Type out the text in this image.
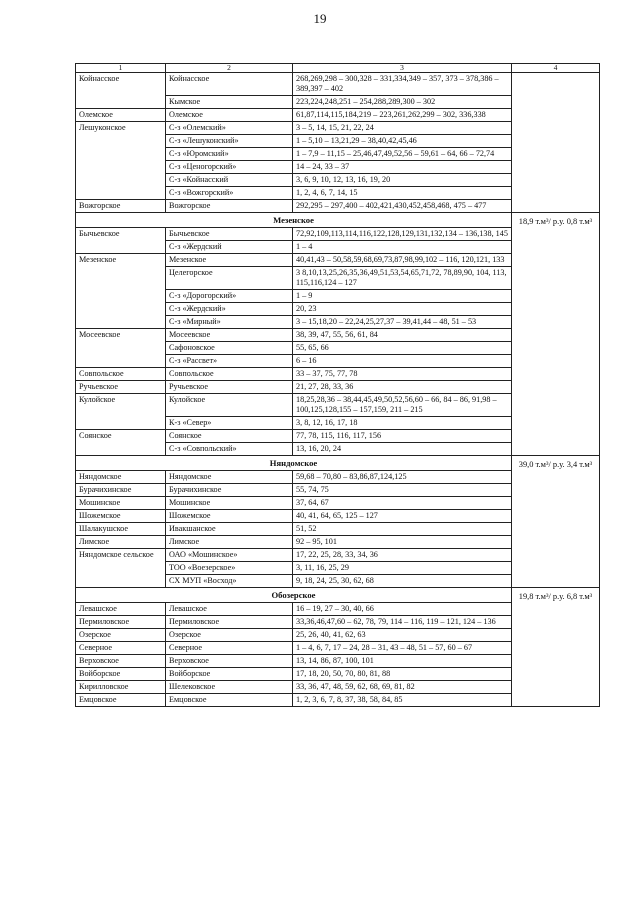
19
1	2	3	4
Койнасское	Койнасское	268,269,298 – 300,328 – 331,334,349 – 357, 373 – 378,386 – 389,397 – 402	
	Кымское	223,224,248,251 – 254,288,289,300 – 302	
Олемское	Олемское	61,87,114,115,184,219 – 223,261,262,299 – 302, 336,338	
Лешуконское	С-з «Олемский»	3 – 5, 14, 15, 21, 22, 24	
	С-з «Лешуконский»	1 – 5,10 – 13,21,29 – 38,40,42,45,46	
	С-з «Юромский»	1 – 7,9 – 11,15 – 25,46,47,49,52,56 – 59,61 – 64, 66 – 72,74	
	С-з «Ценогорский»	14 – 24, 33 – 37	
	С-з «Койнасский	3, 6, 9, 10, 12, 13, 16, 19, 20	
	С-з «Вожгорский»	1, 2, 4, 6, 7, 14, 15	
Вожгорское	Вожгорское	292,295 – 297,400 – 402,421,430,452,458,468, 475 – 477	
Мезенское			18,9 т.м³/ р.у. 0,8 т.м³
Бычьевское	Бычьевское	72,92,109,113,114,116,122,128,129,131,132,134 – 136,138, 145	
	С-з «Жердский	1 – 4	
Мезенское	Мезенское	40,41,43 – 50,58,59,68,69,73,87,98,99,102 – 116, 120,121, 133	
	Целегорское	3 8,10,13,25,26,35,36,49,51,53,54,65,71,72, 78,89,90, 104, 113, 115,116,124 – 127	
	С-з «Дорогорский»	1 – 9	
	С-з «Жердский»	20, 23	
	С-з «Мирный»	3 – 15,18,20 – 22,24,25,27,37 – 39,41,44 – 48, 51 – 53	
Мосеевское	Мосеевское	38, 39, 47, 55, 56, 61, 84	
	Сафоновское	55, 65, 66	
	С-з «Рассвет»	6 – 16	
Совпольское	Совпольское	33 – 37, 75, 77, 78	
Ручьевское	Ручьевское	21, 27, 28, 33, 36	
Кулойское	Кулойское	18,25,28,36 – 38,44,45,49,50,52,56,60 – 66, 84 – 86, 91,98 – 100,125,128,155 – 157,159, 211 – 215	
	К-з «Север»	3, 8, 12, 16, 17, 18	
Соянское	Соянское	77, 78, 115, 116, 117, 156	
	С-з «Совпольский»	13, 16, 20, 24	
Няндомское			39,0 т.м³/ р.у. 3,4 т.м³
Няндомское	Няндомское	59,68 – 70,80 – 83,86,87,124,125	
Бурачихинское	Бурачихинское	55, 74, 75	
Мошинское	Мошинское	37, 64, 67	
Шожемское	Шожемское	40, 41, 64, 65, 125 – 127	
Шалакушское	Ивакшанское	51, 52	
Лимское	Лимское	92 – 95, 101	
Няндомское сельское	ОАО «Мошинское»	17, 22, 25, 28, 33, 34, 36	
	ТОО «Воезерское»	3, 11, 16, 25, 29	
	СХ МУП «Восход»	9, 18, 24, 25, 30, 62, 68	
Обозерское			19,8 т.м³/ р.у. 6,8 т.м³
Левашское	Левашское	16 – 19, 27 – 30, 40, 66	
Пермиловское	Пермиловское	33,36,46,47,60 – 62, 78, 79, 114 – 116, 119 – 121, 124 – 136	
Озерское	Озерское	25, 26, 40, 41, 62, 63	
Северное	Северное	1 – 4, 6, 7, 17 – 24, 28 – 31, 43 – 48, 51 – 57, 60 – 67	
Верховское	Верховское	13, 14, 86, 87, 100, 101	
Войборское	Войборское	17, 18, 20, 50, 70, 80, 81, 88	
Кирилловское	Шелековское	33, 36, 47, 48, 59, 62, 68, 69, 81, 82	
Емцовское	Емцовское	1, 2, 3, 6, 7, 8, 37, 38, 58, 84, 85	
